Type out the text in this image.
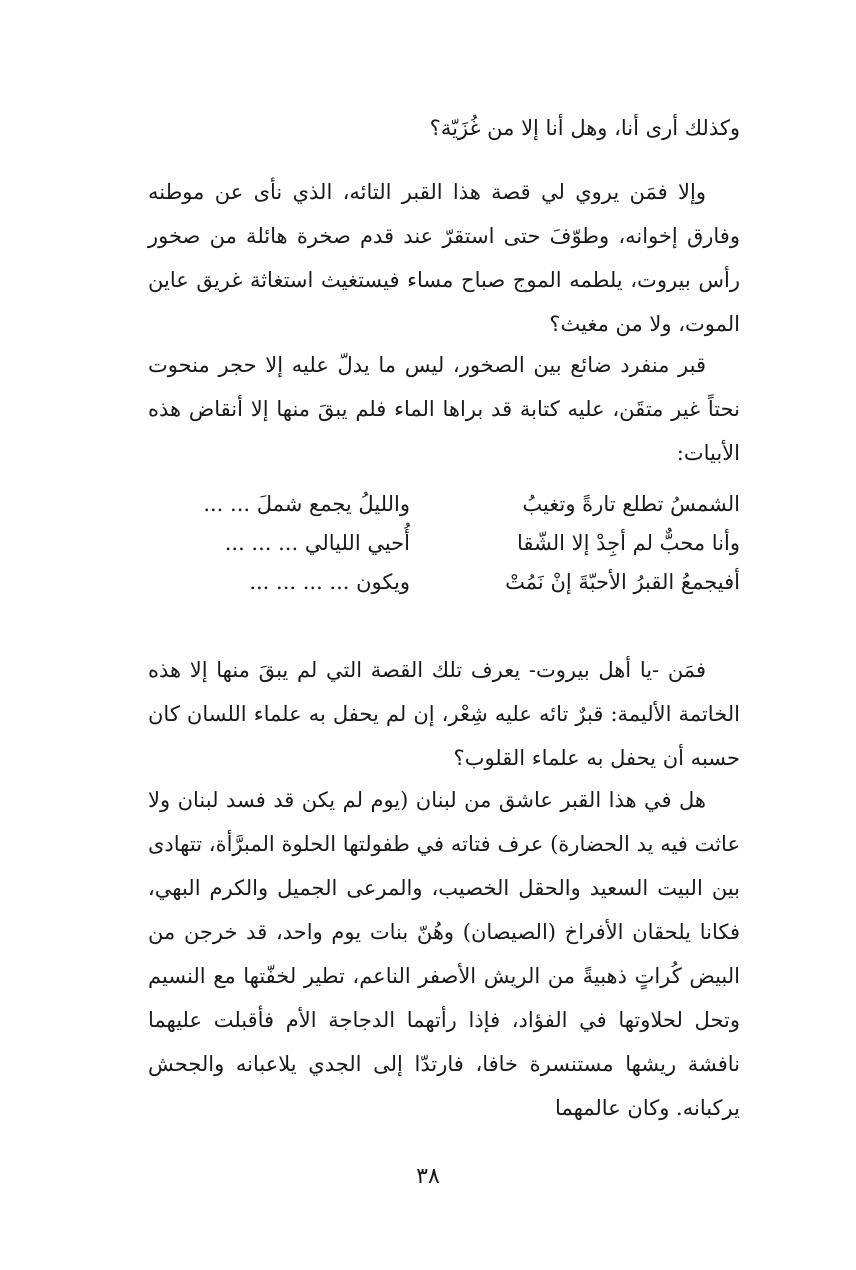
وكذلك أرى أنا، وهل أنا إلا من غُزَيّة؟

وإلا فمَن يروي لي قصة هذا القبر التائه، الذي نأى عن موطنه وفارق إخوانه، وطوّفَ حتى استقرّ عند قدم صخرة هائلة من صخور رأس بيروت، يلطمه الموج صباح مساء فيستغيث استغاثة غريق عاين الموت، ولا من مغيث؟

قبر منفرد ضائع بين الصخور، ليس ما يدلّ عليه إلا حجر منحوت نحتاً غير متقَن، عليه كتابة قد براها الماء فلم يبقَ منها إلا أنقاض هذه الأبيات:

الشمسُ تطلع تارةً وتغيبُ
والليلُ يجمع شملَ ... ...
وأنا محبٌّ لم أجِدْ إلا الشّقا
أُحيي الليالي ... ... ...
أفيجمعُ القبرُ الأحبّةَ إنْ نَمُتْ
ويكون ... ... ... ...

فمَن -يا أهل بيروت- يعرف تلك القصة التي لم يبقَ منها إلا هذه الخاتمة الأليمة: قبرٌ تائه عليه شِعْر، إن لم يحفل به علماء اللسان كان حسبه أن يحفل به علماء القلوب؟

هل في هذا القبر عاشق من لبنان (يوم لم يكن قد فسد لبنان ولا عاثت فيه يد الحضارة) عرف فتاته في طفولتها الحلوة المبرَّأة، تتهادى بين البيت السعيد والحقل الخصيب، والمرعى الجميل والكرم البهي، فكانا يلحقان الأفراخ (الصيصان) وهُنّ بنات يوم واحد، قد خرجن من البيض كُراتٍ ذهبيةً من الريش الأصفر الناعم، تطير لخفّتها مع النسيم وتحل لحلاوتها في الفؤاد، فإذا رأتهما الدجاجة الأم فأقبلت عليهما نافشة ريشها مستنسرة خافا، فارتدّا إلى الجدي يلاعبانه والجحش يركبانه. وكان عالمهما

٣٨
